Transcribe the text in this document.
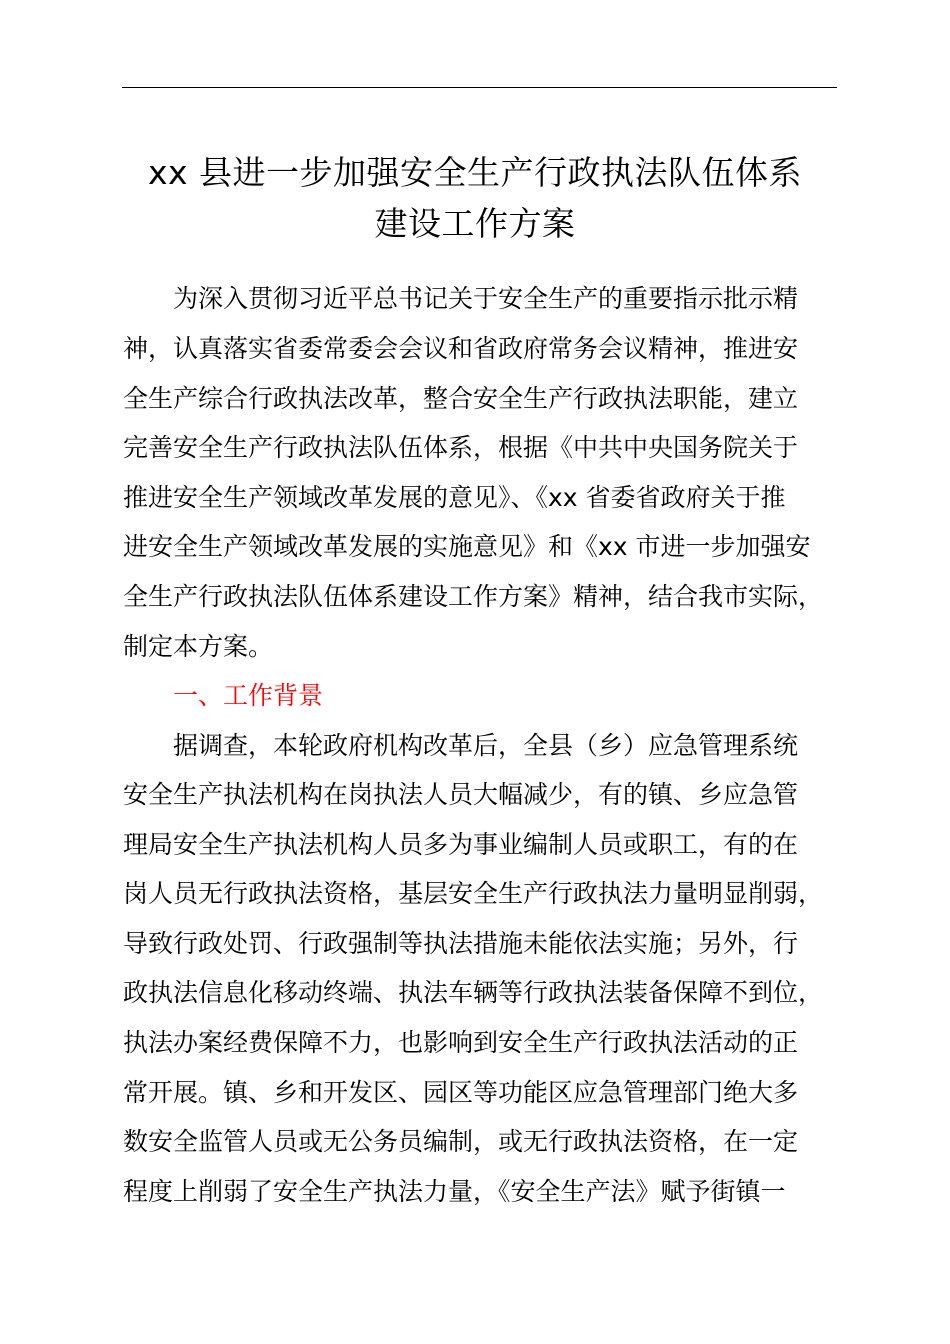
xx 县进一步加强安全生产行政执法队伍体系
建设工作方案
为深入贯彻习近平总书记关于安全生产的重要指示批示精
神，认真落实省委常委会会议和省政府常务会议精神，推进安
全生产综合行政执法改革，整合安全生产行政执法职能，建立
完善安全生产行政执法队伍体系，根据《中共中央国务院关于
推进安全生产领域改革发展的意见》、《xx 省委省政府关于推
进安全生产领域改革发展的实施意见》和《xx 市进一步加强安
全生产行政执法队伍体系建设工作方案》精神，结合我市实际，
制定本方案。
一、工作背景
据调查，本轮政府机构改革后，全县（乡）应急管理系统
安全生产执法机构在岗执法人员大幅减少，有的镇、乡应急管
理局安全生产执法机构人员多为事业编制人员或职工，有的在
岗人员无行政执法资格，基层安全生产行政执法力量明显削弱，
导致行政处罚、行政强制等执法措施未能依法实施；另外，行
政执法信息化移动终端、执法车辆等行政执法装备保障不到位，
执法办案经费保障不力，也影响到安全生产行政执法活动的正
常开展。镇、乡和开发区、园区等功能区应急管理部门绝大多
数安全监管人员或无公务员编制，或无行政执法资格，在一定
程度上削弱了安全生产执法力量，《安全生产法》赋予街镇一
